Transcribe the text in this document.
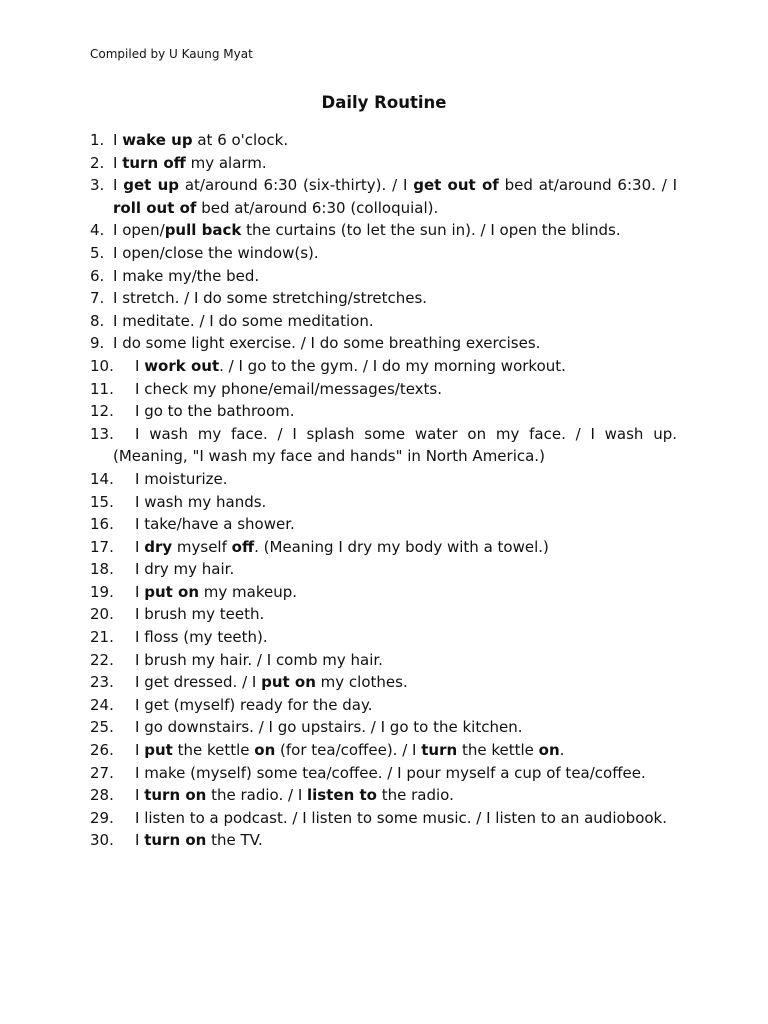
Compiled by U Kaung Myat
Daily Routine
1. I wake up at 6 o'clock.
2. I turn off my alarm.
3. I get up at/around 6:30 (six-thirty). / I get out of bed at/around 6:30. / I roll out of bed at/around 6:30 (colloquial).
4. I open/pull back the curtains (to let the sun in). / I open the blinds.
5. I open/close the window(s).
6. I make my/the bed.
7. I stretch. / I do some stretching/stretches.
8. I meditate. / I do some meditation.
9. I do some light exercise. / I do some breathing exercises.
10.	I work out. / I go to the gym. / I do my morning workout.
11.	I check my phone/email/messages/texts.
12.	I go to the bathroom.
13.	I wash my face. / I splash some water on my face. / I wash up. (Meaning, "I wash my face and hands" in North America.)
14.	I moisturize.
15.	I wash my hands.
16.	I take/have a shower.
17.	I dry myself off. (Meaning I dry my body with a towel.)
18.	I dry my hair.
19.	I put on my makeup.
20.	I brush my teeth.
21.	I floss (my teeth).
22.	I brush my hair. / I comb my hair.
23.	I get dressed. / I put on my clothes.
24.	I get (myself) ready for the day.
25.	I go downstairs. / I go upstairs. / I go to the kitchen.
26.	I put the kettle on (for tea/coffee). / I turn the kettle on.
27.	I make (myself) some tea/coffee. / I pour myself a cup of tea/coffee.
28.	I turn on the radio. / I listen to the radio.
29.	I listen to a podcast. / I listen to some music. / I listen to an audiobook.
30.	I turn on the TV.
